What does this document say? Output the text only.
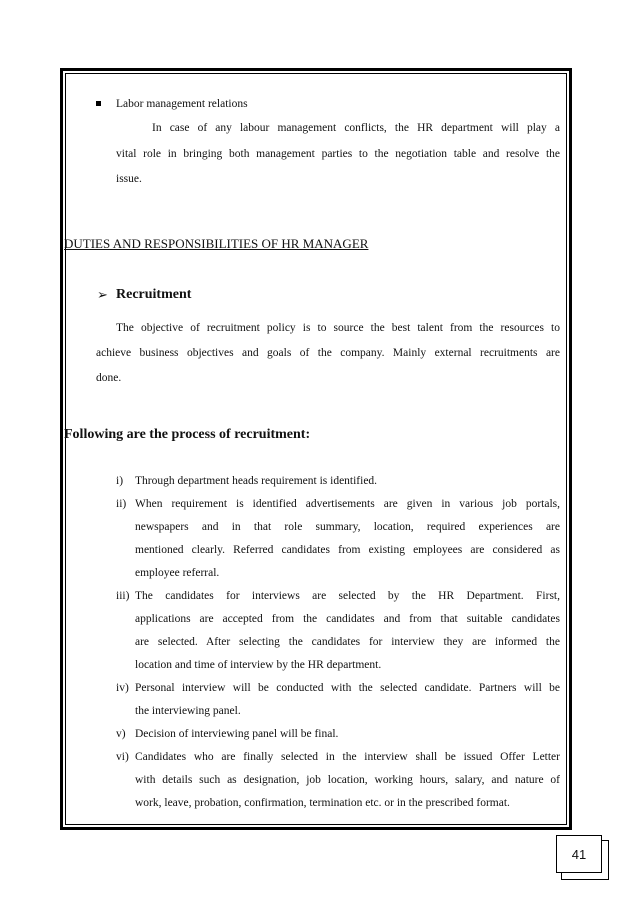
Labor management relations
In case of any labour management conflicts, the HR department will play a
vital role in bringing both management parties to the negotiation table and resolve the
issue.
DUTIES AND RESPONSIBILITIES OF HR MANAGER
➢ Recruitment
The objective of recruitment policy is to source the best talent from the resources to
achieve business objectives and goals of the company. Mainly external recruitments are
done.
Following are the process of recruitment:
i) Through department heads requirement is identified.
ii) When requirement is identified advertisements are given in various job portals,
newspapers and in that role summary, location, required experiences are
mentioned clearly. Referred candidates from existing employees are considered as
employee referral.
iii) The candidates for interviews are selected by the HR Department. First,
applications are accepted from the candidates and from that suitable candidates
are selected. After selecting the candidates for interview they are informed the
location and time of interview by the HR department.
iv) Personal interview will be conducted with the selected candidate. Partners will be
the interviewing panel.
v) Decision of interviewing panel will be final.
vi) Candidates who are finally selected in the interview shall be issued Offer Letter
with details such as designation, job location, working hours, salary, and nature of
work, leave, probation, confirmation, termination etc. or in the prescribed format.
41
